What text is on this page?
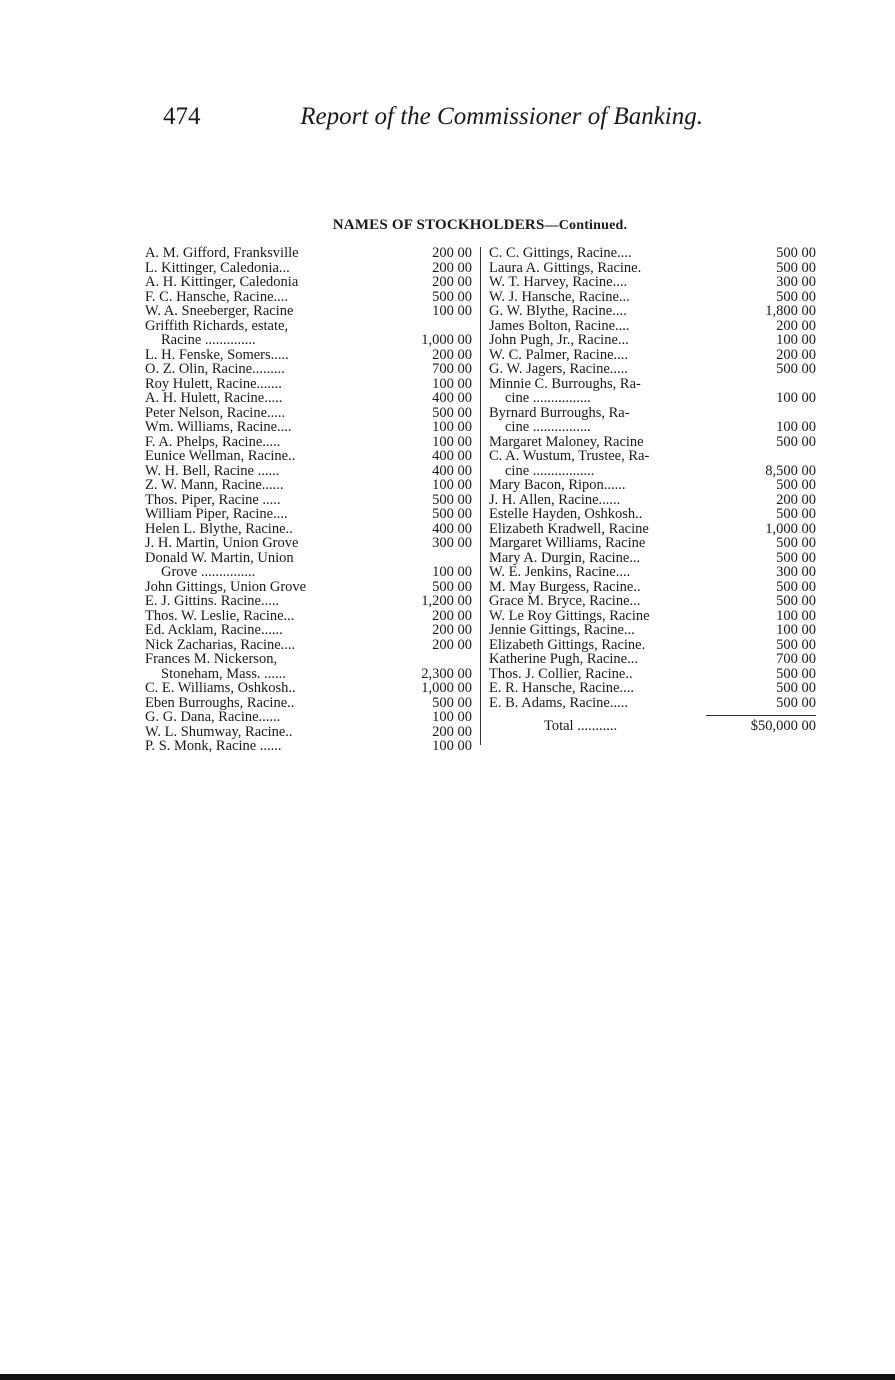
474	Report of the Commissioner of Banking.
NAMES OF STOCKHOLDERS—Continued.
A. M. Gifford, Franksville	200 00
L. Kittinger, Caledonia...	200 00
A. H. Kittinger, Caledonia	200 00
F. C. Hansche, Racine....	500 00
W. A. Sneeberger, Racine	100 00
Griffith Richards, estate,
Racine ..............	1,000 00
L. H. Fenske, Somers.....	200 00
O. Z. Olin, Racine.........	700 00
Roy Hulett, Racine.......	100 00
A. H. Hulett, Racine.....	400 00
Peter Nelson, Racine.....	500 00
Wm. Williams, Racine....	100 00
F. A. Phelps, Racine.....	100 00
Eunice Wellman, Racine..	400 00
W. H. Bell, Racine ......	400 00
Z. W. Mann, Racine......	100 00
Thos. Piper, Racine .....	500 00
William Piper, Racine....	500 00
Helen L. Blythe, Racine..	400 00
J. H. Martin, Union Grove	300 00
Donald W. Martin, Union
Grove ...............	100 00
John Gittings, Union Grove	500 00
E. J. Gittins. Racine.....	1,200 00
Thos. W. Leslie, Racine...	200 00
Ed. Acklam, Racine......	200 00
Nick Zacharias, Racine....	200 00
Frances M. Nickerson,
Stoneham, Mass. ......	2,300 00
C. E. Williams, Oshkosh..	1,000 00
Eben Burroughs, Racine..	500 00
G. G. Dana, Racine......	100 00
W. L. Shumway, Racine..	200 00
P. S. Monk, Racine ......	100 00
C. C. Gittings, Racine....	500 00
Laura A. Gittings, Racine.	500 00
W. T. Harvey, Racine....	300 00
W. J. Hansche, Racine...	500 00
G. W. Blythe, Racine....	1,800 00
James Bolton, Racine....	200 00
John Pugh, Jr., Racine...	100 00
W. C. Palmer, Racine....	200 00
G. W. Jagers, Racine.....	500 00
Minnie C. Burroughs, Ra-
cine ................	100 00
Byrnard Burroughs, Ra-
cine ................	100 00
Margaret Maloney, Racine	500 00
C. A. Wustum, Trustee, Ra-
cine .................	8,500 00
Mary Bacon, Ripon......	500 00
J. H. Allen, Racine......	200 00
Estelle Hayden, Oshkosh..	500 00
Elizabeth Kradwell, Racine	1,000 00
Margaret Williams, Racine	500 00
Mary A. Durgin, Racine...	500 00
W. E. Jenkins, Racine....	300 00
M. May Burgess, Racine..	500 00
Grace M. Bryce, Racine...	500 00
W. Le Roy Gittings, Racine	100 00
Jennie Gittings, Racine...	100 00
Elizabeth Gittings, Racine.	500 00
Katherine Pugh, Racine...	700 00
Thos. J. Collier, Racine..	500 00
E. R. Hansche, Racine....	500 00
E. B. Adams, Racine.....	500 00
Total ...........	$50,000 00
